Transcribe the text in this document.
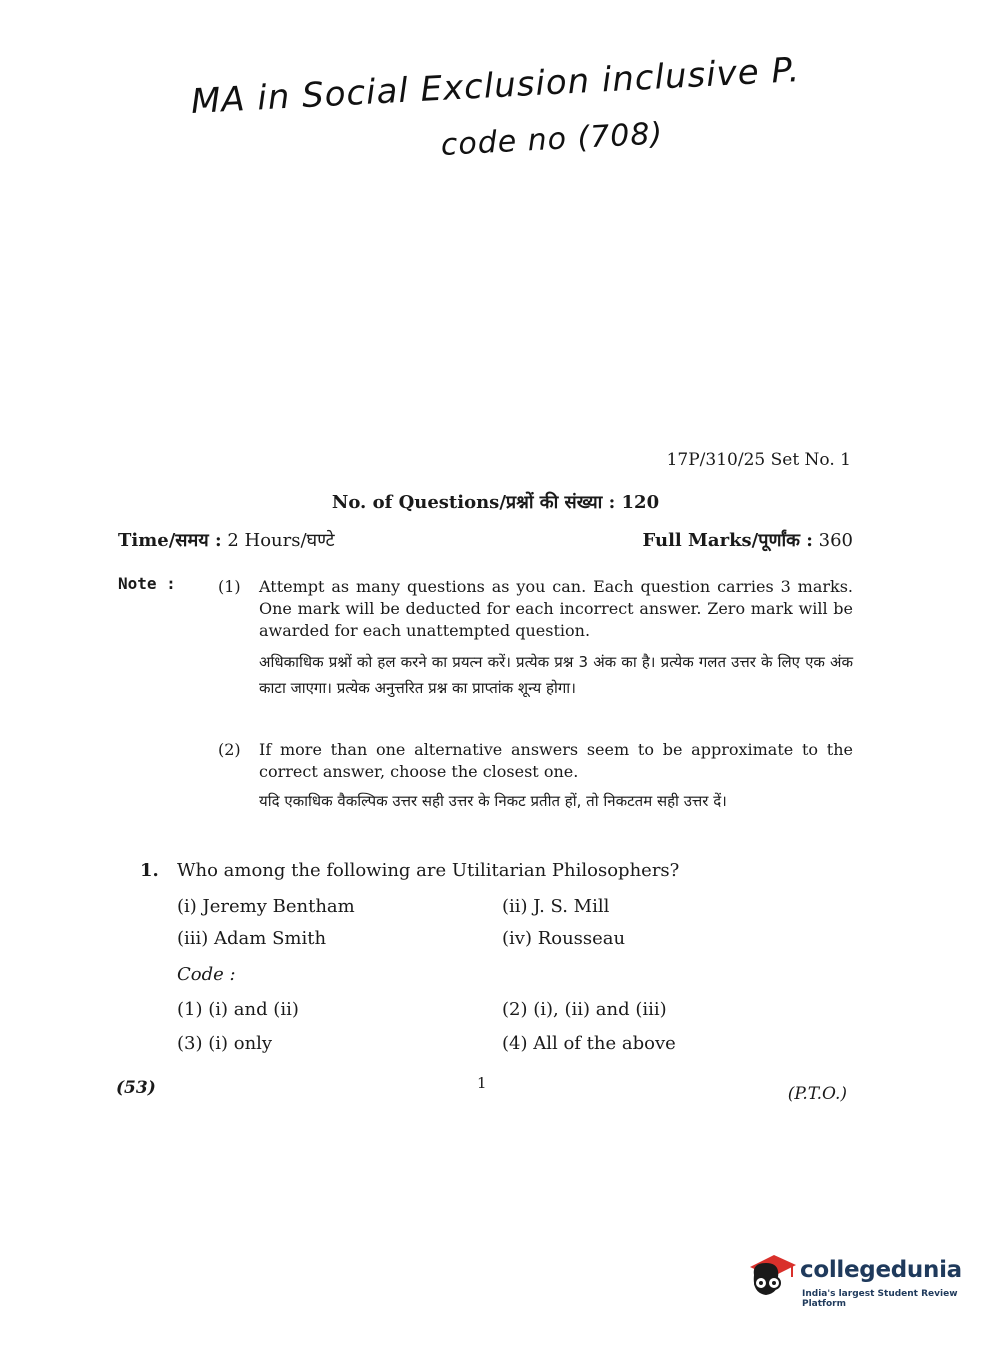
MA in Social Exclusion inclusive P.
code no (708)
17P/310/25 Set No. 1
No. of Questions/प्रश्नों की संख्या : 120
Time/समय : 2 Hours/घण्टे	Full Marks/पूर्णांक : 360
Note :	(1) Attempt as many questions as you can. Each question carries 3 marks. One mark will be deducted for each incorrect answer. Zero mark will be awarded for each unattempted question.
अधिकाधिक प्रश्नों को हल करने का प्रयत्न करें। प्रत्येक प्रश्न 3 अंक का है। प्रत्येक गलत उत्तर के लिए एक अंक काटा जाएगा। प्रत्येक अनुत्तरित प्रश्न का प्राप्तांक शून्य होगा।
(2) If more than one alternative answers seem to be approximate to the correct answer, choose the closest one.
यदि एकाधिक वैकल्पिक उत्तर सही उत्तर के निकट प्रतीत हों, तो निकटतम सही उत्तर दें।
1. Who among the following are Utilitarian Philosophers?
(i) Jeremy Bentham	(ii) J. S. Mill
(iii) Adam Smith	(iv) Rousseau
Code :
(1) (i) and (ii)	(2) (i), (ii) and (iii)
(3) (i) only	(4) All of the above
(53)	1
(P.T.O.)
collegedunia
India's largest Student Review Platform
